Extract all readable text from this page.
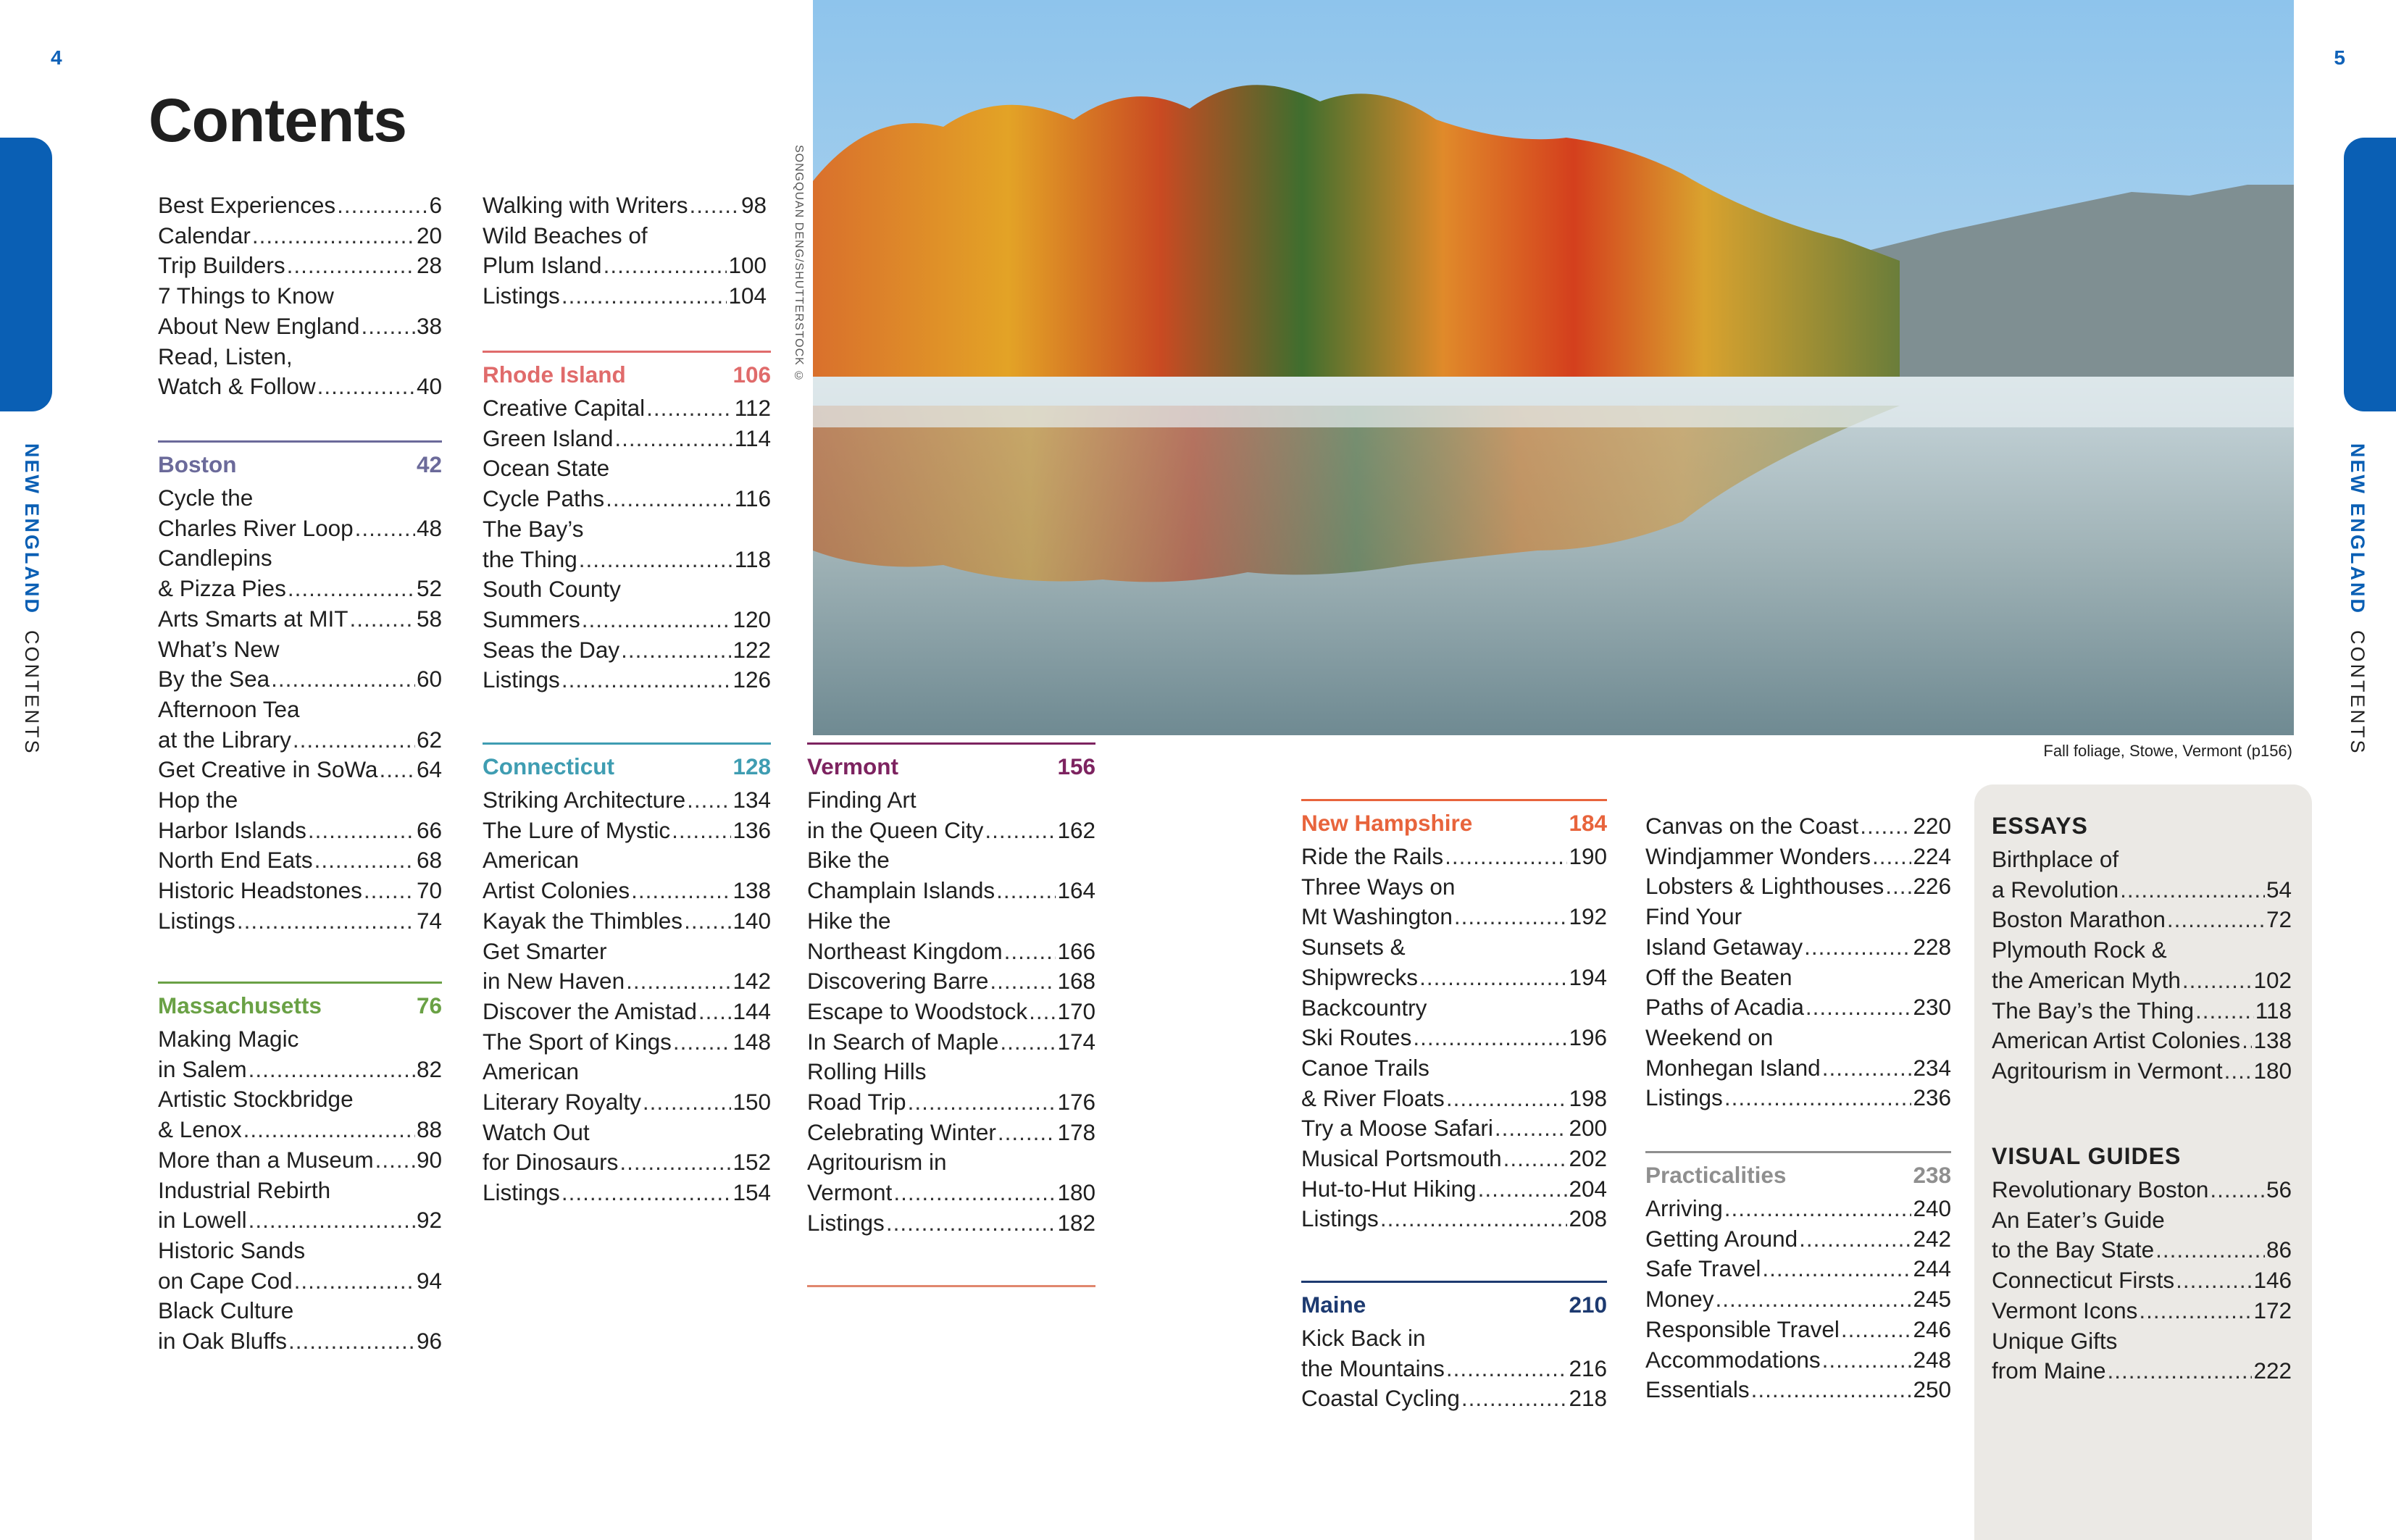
4	5
NEW ENGLAND  CONTENTS
NEW ENGLAND  CONTENTS
Contents
Best Experiences .....	6
Calendar .....	20
Trip Builders .....	28
7 Things to Know
About New England ..... 38
Read, Listen,
Watch & Follow .....	40
Boston	42
Cycle the
Charles River Loop .....	48
Candlepins
& Pizza Pies .....	52
Arts Smarts at MIT .....	58
What’s New
By the Sea .....	60
Afternoon Tea
at the Library .....	62
Get Creative in SoWa ..... 64
Hop the
Harbor Islands .....	66
North End Eats .....	68
Historic Headstones ..... 70
Listings .....	74
Massachusetts	76
Making Magic
in Salem .....	82
Artistic Stockbridge
& Lenox .....	88
More than a Museum ..... 90
Industrial Rebirth
in Lowell .....	92
Historic Sands
on Cape Cod .....	94
Black Culture
in Oak Bluffs .....	96
Walking with Writers ..... 98
Wild Beaches of
Plum Island .....	100
Listings .....	104
Rhode Island	106
Creative Capital .....	112
Green Island .....	114
Ocean State
Cycle Paths .....	116
The Bay’s
the Thing .....	118
South County
Summers .....	120
Seas the Day .....	122
Listings .....	126
Connecticut	128
Striking Architecture ..... 134
The Lure of Mystic .....	136
American
Artist Colonies .....	138
Kayak the Thimbles ..... 140
Get Smarter
in New Haven .....	142
Discover the Amistad ..... 144
The Sport of Kings .....	148
American
Literary Royalty .....	150
Watch Out
for Dinosaurs .....	152
Listings .....	154
Vermont	156
Finding Art
in the Queen City .....	162
Bike the
Champlain Islands .....	164
Hike the
Northeast Kingdom ..... 166
Discovering Barre .....	168
Escape to Woodstock ..... 170
In Search of Maple .....	174
Rolling Hills
Road Trip .....	176
Celebrating Winter .....	178
Agritourism in
Vermont .....	180
Listings .....	182
SONGQUAN DENG/SHUTTERSTOCK ©
Fall foliage, Stowe, Vermont (p156)
New Hampshire	184
Ride the Rails .....	190
Three Ways on
Mt Washington .....	192
Sunsets &
Shipwrecks .....	194
Backcountry
Ski Routes .....	196
Canoe Trails
& River Floats .....	198
Try a Moose Safari .....	200
Musical Portsmouth .....	202
Hut-to-Hut Hiking .....	204
Listings .....	208
Maine	210
Kick Back in
the Mountains .....	216
Coastal Cycling .....	218
Canvas on the Coast ..... 220
Windjammer Wonders ..... 224
Lobsters & Lighthouses ..... 226
Find Your
Island Getaway .....	228
Off the Beaten
Paths of Acadia .....	230
Weekend on
Monhegan Island .....	234
Listings .....	236
Practicalities	238
Arriving .....	240
Getting Around .....	242
Safe Travel .....	244
Money .....	245
Responsible Travel .....	246
Accommodations .....	248
Essentials .....	250
ESSAYS
Birthplace of
a Revolution .....	54
Boston Marathon .....	72
Plymouth Rock &
the American Myth .....	102
The Bay’s the Thing .....	118
American Artist Colonies ..... 138
Agritourism in Vermont ..... 180
VISUAL GUIDES
Revolutionary Boston .....	56
An Eater’s Guide
to the Bay State .....	86
Connecticut Firsts .....	146
Vermont Icons .....	172
Unique Gifts
from Maine .....	222
